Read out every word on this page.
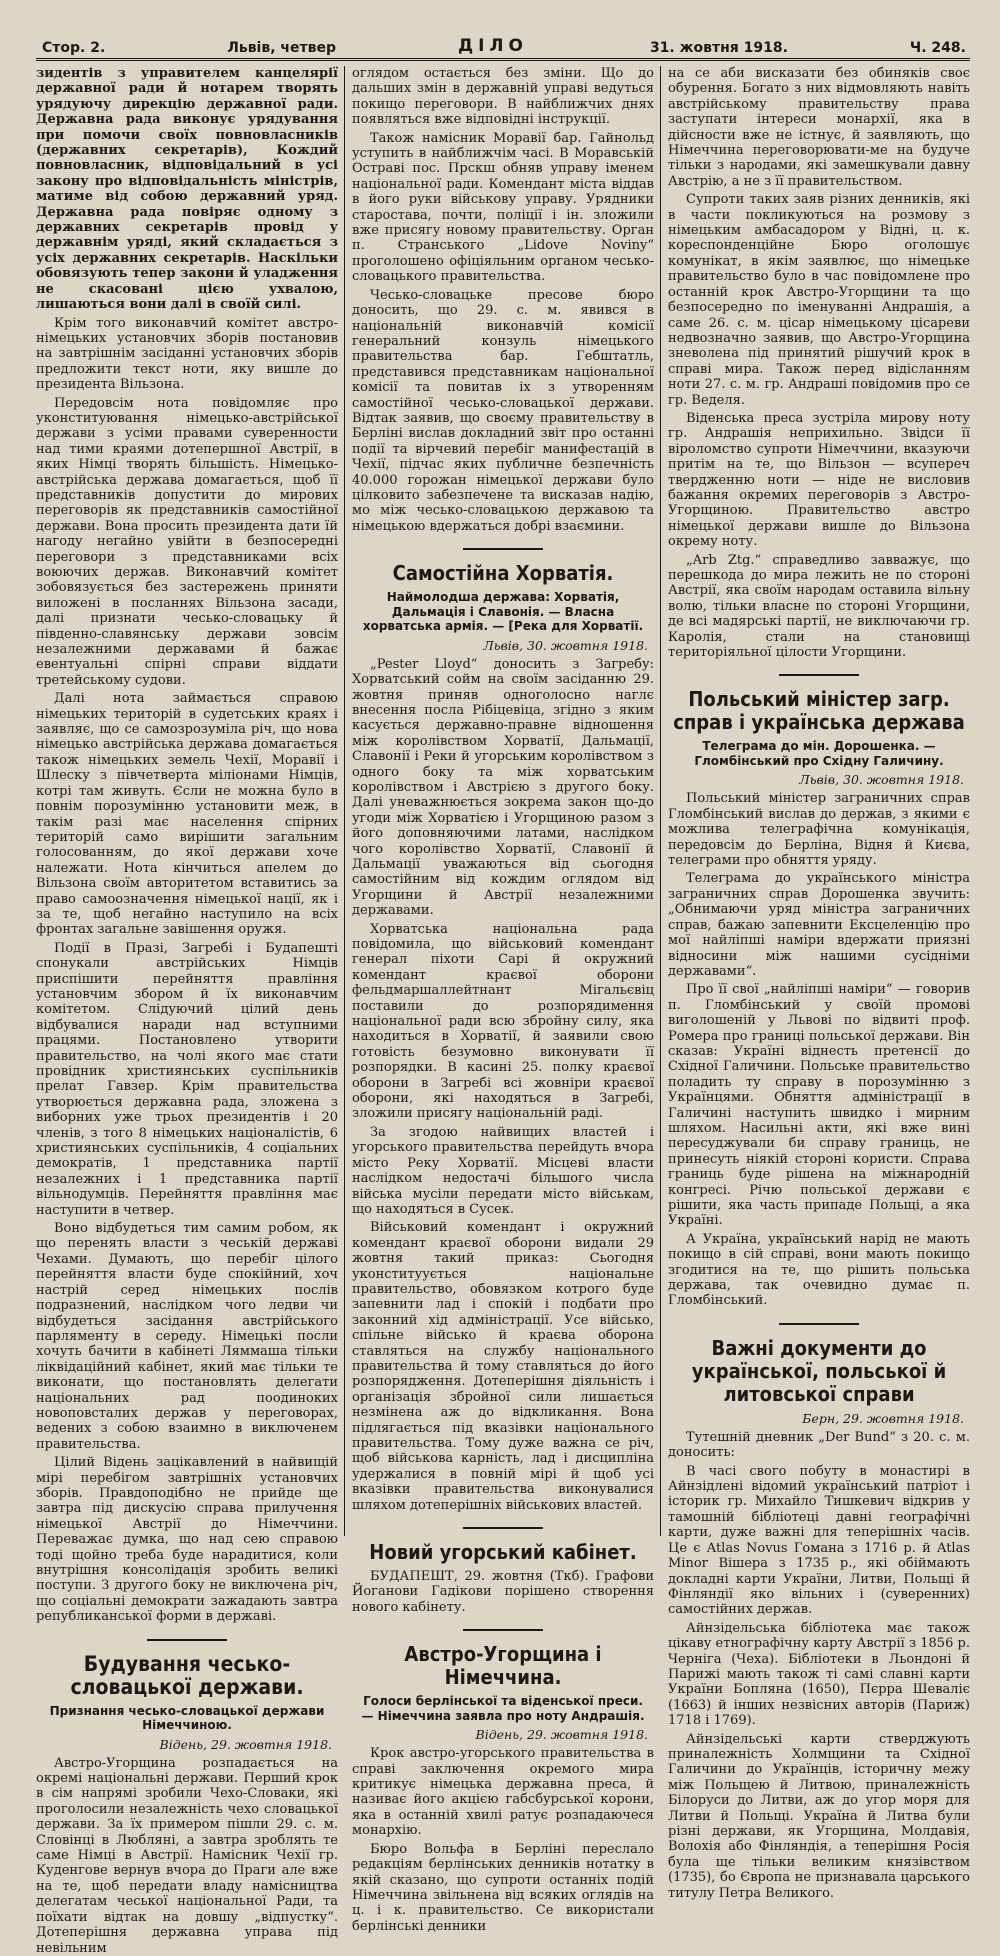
Стор. 2.	Львів, четвер	ДІЛО	31. жовтня 1918.	Ч. 248.

зидентів з управителем канцелярії державної ради й нотарем творять урядуючу дирекцію державної ради. Державна рада виконує урядування при помочи своїх повновласників (державних секретарів), Кождий повновласник, відповідальний в усі закону про відповідальність міністрів, матиме від собою державний уряд. Державна рада повіряє одному з державних секретарів провід у державнім уряді, який складається з усіх державних секретарів. Наскільки обовязують тепер закони й уладження не скасовані цією ухвалою, лишаються вони далі в своїй силі.

Крім того виконавчий комітет австро-німецьких установчих зборів постановив на завтрішнім засіданні установчих зборів предложити текст ноти, яку вишле до президента Вільзона.

Передовсім нота повідомляє про уконституювання німецько-австрійської держави з усіми правами суверенности над тими краями дотепершної Австрії, в яких Німці творять більшість. Німецько-австрійська держава домагається, щоб її представників допустити до мирових переговорів як представників самостійної держави. Вона просить президента дати їй нагоду негайно увійти в безпосередні переговори з представниками всіх воюючих держав. Виконавчий комітет зобовязується без застережень приняти виложені в посланнях Вільзона засади, далі признати чесько-словацьку й південно-славянську держави зовсім незалежними державами й бажає евентуальні спірні справи віддати третейському судови.

Далі нота займається справою німецьких територій в судетських краях і заявляє, що се самозрозуміла річ, що нова німецько австрійська держава домагається також німецьких земель Чехії, Моравії і Шлеску з півчетверта міліонами Німців, котрі там живуть. Єсли не можна було в повнім порозумінню установити меж, в такім разі має населення спірних територій само вирішити загальним голосованням, до якої держави хоче належати. Нота кінчиться апелем до Вільзона своїм авторитетом вставитись за право самоозначення німецької нації, як і за те, щоб негайно наступило на всіх фронтах загальне завішення оружя.

Події в Празі, Загребі і Будапешті спонукали австрійських Німців приспішити перейняття правління установчим збором й їх виконавчим комітетом. Слідуючий цілий день відбувалися наради над вступними працями. Постановлено утворити правительство, на чолі якого має стати провідник християнських суспільників прелат Гавзер. Крім правительства утворюється державна рада, зложена з виборних уже трьох президентів і 20 членів, з того 8 німецьких націоналістів, 6 християнських суспільників, 4 соціальних демократів, 1 представника партії незалежних і 1 представника партії вільнодумців. Перейняття правління має наступити в четвер.

Воно відбудеться тим самим робом, як що перенять власти з чеській державі Чехами. Думають, що перебіг цілого перейняття власти буде спокійний, хоч настрій серед німецьких послів подразнений, наслідком чого ледви чи відбудеться засідання австрійського парляменту в середу. Німецькі посли хочуть бачити в кабінеті Ляммаша тільки ліквідаційний кабінет, який має тільки те виконати, що постановлять делегати національних рад поодиноких новоповсталих держав у переговорах, ведених з собою взаимно в виключенем правительства.

Цілий Відень зацікавлений в найвищій мірі перебігом завтрішніх установчих зборів. Правдоподібно не прийде ще завтра під дискусію справа прилучення німецької Австрії до Німеччини. Переважає думка, що над сею справою тоді щойно треба буде нарадитися, коли внутрішня консолідація зробить великі поступи. З другого боку не виключена річ, що соціальні демократи зажадають завтра републиканської форми в державі.

Будування чесько-словацької держави.
Признання чесько-словацької держави Німеччиною.
Відень, 29. жовтня 1918.

Австро-Угорщина розпадається на окремі національні держави. Перший крок в сім напрямі зробили Чехо-Словаки, які проголосили незалежність чехо словацької держави. За їх примером пішли 29. с. м. Словінці в Любляні, а завтра зроблять те саме Німці в Австрії. Намісник Чехії гр. Куденгове вернув вчора до Праги але вже на те, щоб передати владу намісництва делегатам чеської національної Ради, та поїхати відтак на довшу „відпустку“. Дотеперішня державна управа під невільним

оглядом остається без зміни. Що до дальших змін в державній управі ведуться покищо переговори. В найближчих днях появляться вже відповідні інструкції.

Також намісник Моравії бар. Гайнольд уступить в найближчім часі. В Моравській Остраві пос. Прскш обняв управу іменем національної ради. Комендант міста віддав в його руки військову управу. Урядники старостава, почти, поліції і ін. зложили вже присягу новому правительству. Орган п. Странського „Lidove Noviny“ проголошено офіціяльним органом чесько-словацького правительства.

Чесько-словацьке пресове бюро доносить, що 29. с. м. явився в національній виконавчій комісії генеральний конзуль німецького правительства бар. Гебштатль, представився представникам національної комісії та повитав іх з утворенням самостійної чесько-словацької держави. Відтак заявив, що своєму правительству в Берліні вислав докладний звіт про останні події та вірчевий перебіг манифестацій в Чехії, підчас яких публичне безпечність 40.000 горожан німецької держави було цілковито забезпечене та висказав надію, мо між чесько-словацькою державою та німецькою вдержаться добрі взаємини.

Самостійна Хорватія.
Наймолодша держава: Хорватія, Дальмація і Славонія. — Власна хорватська армія. — [Река для Хорватії.
Львів, 30. жовтня 1918.

„Pester Lloyd“ доносить з Загребу: Хорватський сойм на своїм засіданню 29. жовтня приняв одноголосно наглє внесення посла Рібіцевіца, згідно з яким касується державно-правне відношення між королівством Хорватії, Дальмації, Славонії і Реки й угорським королівством з одного боку та між хорватським королівством і Австрією з другого боку. Далі уневажнюється зокрема закон що-до угоди між Хорватією і Угорщиною разом з його доповняючими латами, наслідком чого королівство Хорватії, Славонії й Дальмації уважаються від сьогодня самостійним від кождим оглядом від Угорщини й Австрії незалежними державами.

Хорватська національна рада повідомила, що військовий комендант генерал піхоти Сарі й окружний комендант краєвої оборони фельдмаршаллейтнант Мігальєвіц поставили до розпорядимення національної ради всю збройну силу, яка находиться в Хорватії, й заявили свою готовість безумовно виконувати її розпорядки. В касині 25. полку краєвої оборони в Загребі всі жовніри краєвої оборони, які находяться в Загребі, зложили присягу національній раді.

За згодою найвищих властей і угорського правительства перейдуть вчора місто Реку Хорватії. Місцеві власти наслідком недостачі більшого числа війська мусіли передати місто військам, що находяться в Сусек.

Військовий комендант і окружний комендант краєвої оборони видали 29 жовтня такий приказ: Сьогодня уконституується національне правительство, обовязком котрого буде запевнити лад і спокій і подбати про законний хід адміністрації. Усе військо, спільне військо й краєва оборона ставляться на службу національного правительства й тому ставляться до його розпорядження. Дотеперішня діяльність і організація збройної сили лишається незмінена аж до відкликання. Вона підлягається під вказівки національного правительства. Тому дуже важна се річ, щоб військова карність, лад і дисципліна удержалися в повній мірі й щоб усі вказівки правительства виконувалися шляхом дотеперішніх військових властей.

Новий угорський кабінет.

БУДАПЕШТ, 29. жовтня (Ткб). Графови Йоганови Гадікови порішено створення нового кабінету.

Австро-Угорщина і Німеччина.
Голоси берлінської та віденської преси. — Німеччина заявла про ноту Андрашія.
Відень, 29. жовтня 1918.

Крок австро-угорського правительства в справі заключення окремого мира критикує німецька державна преса, й називає його акцією габсбурської корони, яка в останній хвилі ратує розпадаючеся монархію.

Бюро Вольфа в Берліні переслало редакціям берлінських денників нотатку в якій сказано, що супроти останніх подій Німеччина звільнена від всяких оглядів на ц. і к. правительство. Се використали берлінські денники

на се аби висказати без обиняків своє обурення. Богато з них відмовляють навіть австрійському правительству права заступати інтереси монархії, яка в дійсности вже не істнує, й заявляють, що Німеччина переговорювати-ме на будуче тільки з народами, які замешкували давну Австрію, а не з її правительством.

Супроти таких заяв різних денників, які в части покликуються на розмову з німецьким амбасадором у Відні, ц. к. кореспонденційне Бюро оголошує комунікат, в якім заявлює, що німецьке правительство було в час повідомлене про останній крок Австро-Угорщини та що безпосередно по іменуванні Андрашія, а саме 26. с. м. цісар німецькому цісареви недвозначно заявив, що Австро-Угорщина зневолена під принятий рішучий крок в справі мира. Також перед відісланням ноти 27. с. м. гр. Андраші повідомив про се гр. Веделя.

Віденська преса зустріла мирову ноту гр. Андрашія неприхильно. Звідси її віроломство супроти Німеччини, вказуючи притім на те, що Вільзон — всупереч твердженню ноти — ніде не висловив бажання окремих переговорів з Австро-Угорщиною. Правительство австро німецької держави вишле до Вільзона окрему ноту.

„Arb Ztg.“ справедливо завважує, що перешкода до мира лежить не по стороні Австрії, яка своїм народам оставила вільну волю, тільки власне по стороні Угорщини, де всі мадярські партії, не виключаючи гр. Каролія, стали на становищі територіяльної цілости Угорщини.

Польський міністер загр. справ і українська держава
Телеграма до мін. Дорошенка. — Гломбінський про Східну Галичину.
Львів, 30. жовтня 1918.

Польський міністер заграничних справ Гломбінський вислав до держав, з якими є можлива телеграфічна комунікація, передовсім до Берліна, Відня й Києва, телеграми про обняття уряду.

Телеграма до українського міністра заграничних справ Дорошенка звучить: „Обнимаючи уряд міністра заграничних справ, бажаю запевнити Ексцеленцію про мої найліпші наміри вдержати приязні відносини між нашими сусідніми державами“.

Про її свої „найліпші наміри“ — говорив п. Гломбінський у своїй промові виголошеній у Львові по відвиті проф. Ромера про границі польської держави. Він сказав: Україні віднесть претенсії до Східної Галичини. Польське правительство поладить ту справу в порозумінню з Українцями. Обняття адміністрації в Галичині наступить швидко і мирним шляхом. Насильні акти, які вже вині пересуджували би справу границь, не принесуть ніякій стороні користи. Справа границь буде рішена на міжнародній конгресі. Річю польської держави є рішити, яка часть припаде Польщі, а яка Україні.

А Україна, український нарід не мають покищо в сій справі, вони мають покищо згодитися на те, що рішить польська держава, так очевидно думає п. Гломбінський.

Важні документи до української, польської й литовської справи
Берн, 29. жовтня 1918.

Тутешній дневник „Der Bund“ з 20. с. м. доносить:

В часі свого побуту в монастирі в Айнзідлені відомий український патріот і історик гр. Михайло Тишкевич відкрив у тамошній бібліотеці давні географічні карти, дуже важні для теперішніх часів. Це є Atlas Novus Гомана з 1716 р. й Atlas Minor Вішера з 1735 р., які обіймають докладні карти України, Литви, Польщі й Фінляндії яко вільних і (суверенних) самостійних держав.

Айнзідельська бібліотека має також цікаву етнографічну карту Австрії з 1856 р. Черніга (Чеха). Бібліотеки в Льондоні й Парижі мають також ті самі славні карти України Бопляна (1650), Пєрра Шеваліє (1663) й інших незвісних авторів (Париж) 1718 і 1769).

Айнзідельські карти стверджують приналежність Холмщини та Східної Галичини до Українців, історичну межу між Польщею й Литвою, приналежність Білоруси до Литви, аж до угор моря для Литви й Польщі. Україна й Литва були різні держави, як Угорщина, Молдавія, Волохія або Фінляндія, а теперішня Росія була ще тільки великим князівством (1735), бо Європа не признавала царського титулу Петра Великого.
